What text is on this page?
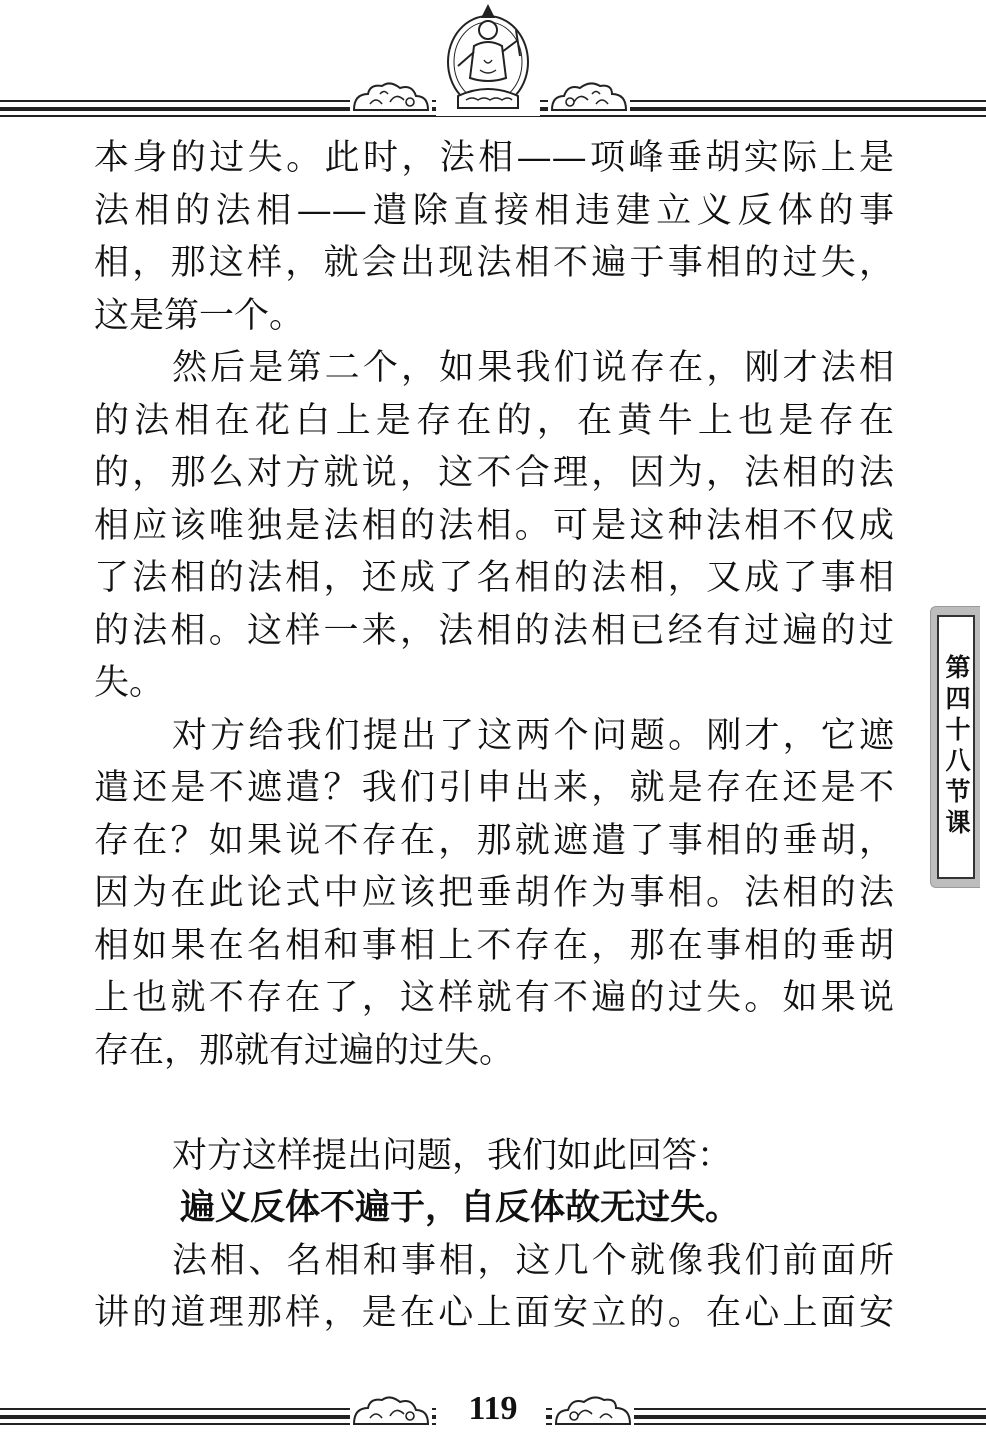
本身的过失。此时，法相——项峰垂胡实际上是
法相的法相——遣除直接相违建立义反体的事
相，那这样，就会出现法相不遍于事相的过失，
这是第一个。
然后是第二个，如果我们说存在，刚才法相
的法相在花白上是存在的，在黄牛上也是存在
的，那么对方就说，这不合理，因为，法相的法
相应该唯独是法相的法相。可是这种法相不仅成
了法相的法相，还成了名相的法相，又成了事相
的法相。这样一来，法相的法相已经有过遍的过
失。
对方给我们提出了这两个问题。刚才，它遮
遣还是不遮遣？我们引申出来，就是存在还是不
存在？如果说不存在，那就遮遣了事相的垂胡，
因为在此论式中应该把垂胡作为事相。法相的法
相如果在名相和事相上不存在，那在事相的垂胡
上也就不存在了，这样就有不遍的过失。如果说
存在，那就有过遍的过失。
对方这样提出问题，我们如此回答：
遍义反体不遍于，自反体故无过失。
法相、名相和事相，这几个就像我们前面所
讲的道理那样，是在心上面安立的。在心上面安
第四十八节课
119
